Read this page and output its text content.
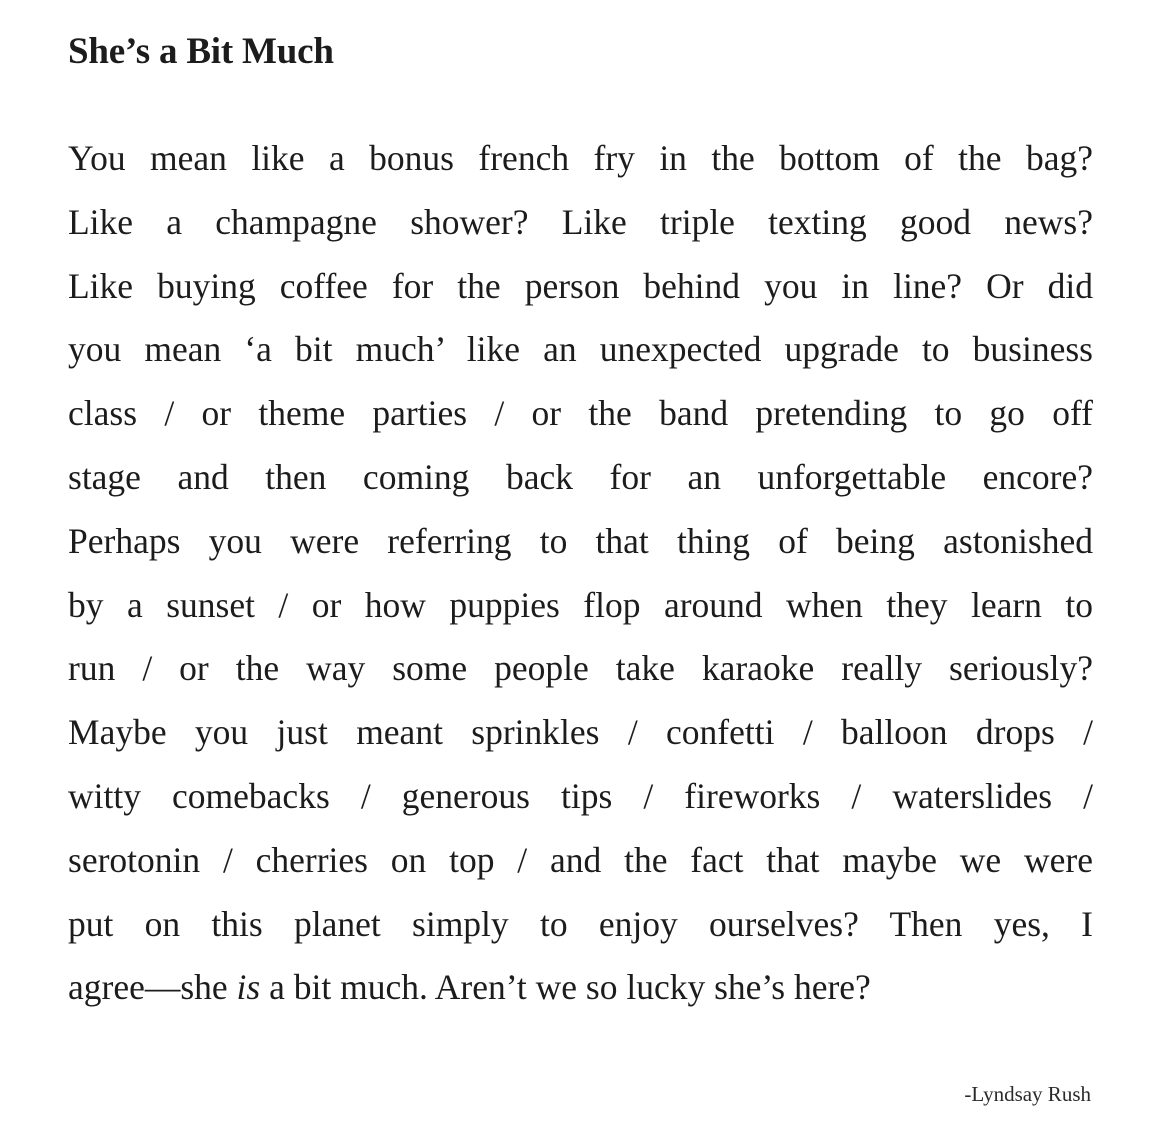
She’s a Bit Much
You mean like a bonus french fry in the bottom of the bag?
Like a champagne shower? Like triple texting good news?
Like buying coffee for the person behind you in line? Or did
you mean ‘a bit much’ like an unexpected upgrade to business
class / or theme parties / or the band pretending to go off
stage and then coming back for an unforgettable encore?
Perhaps you were referring to that thing of being astonished
by a sunset / or how puppies flop around when they learn to
run / or the way some people take karaoke really seriously?
Maybe you just meant sprinkles / confetti / balloon drops /
witty comebacks / generous tips / fireworks / waterslides /
serotonin / cherries on top / and the fact that maybe we were
put on this planet simply to enjoy ourselves? Then yes, I
agree—she is a bit much. Aren’t we so lucky she’s here?
-Lyndsay Rush
